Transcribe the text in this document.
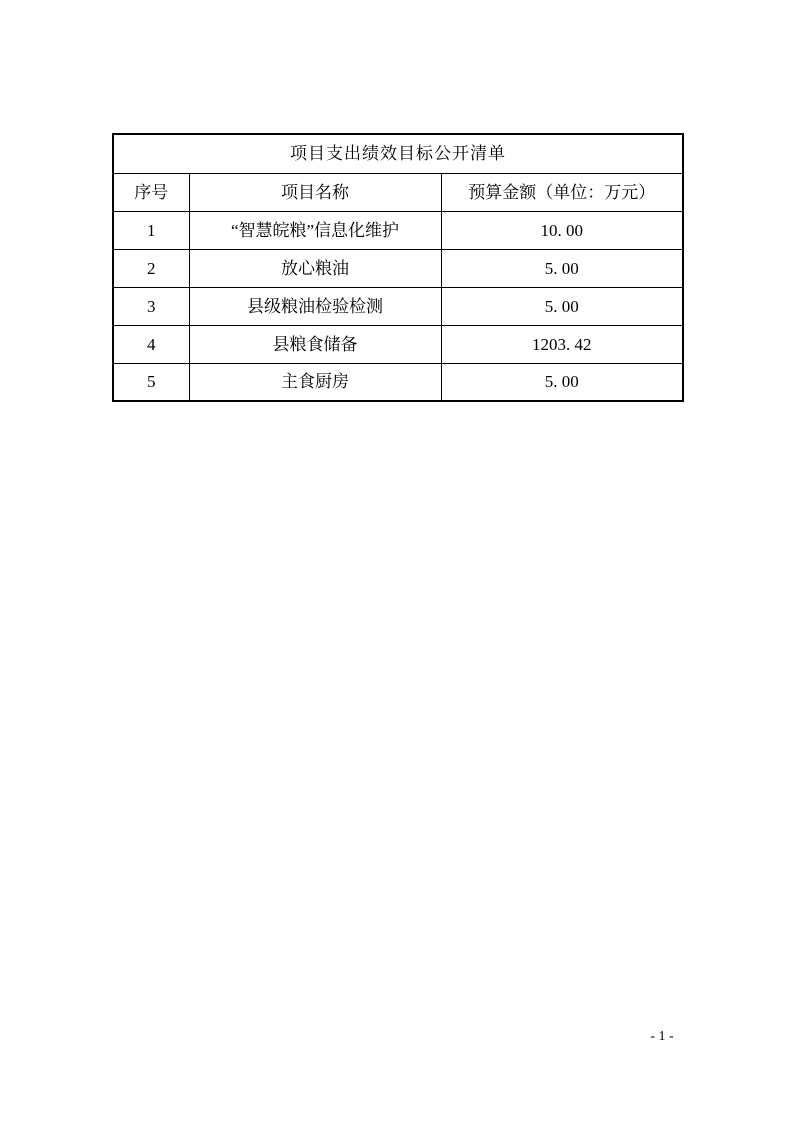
项目支出绩效目标公开清单		
序号	项目名称	预算金额（单位：万元）
1	“智慧皖粮”信息化维护	10. 00
2	放心粮油	5. 00
3	县级粮油检验检测	5. 00
4	县粮食储备	1203. 42
5	主食厨房	5. 00
- 1 -
